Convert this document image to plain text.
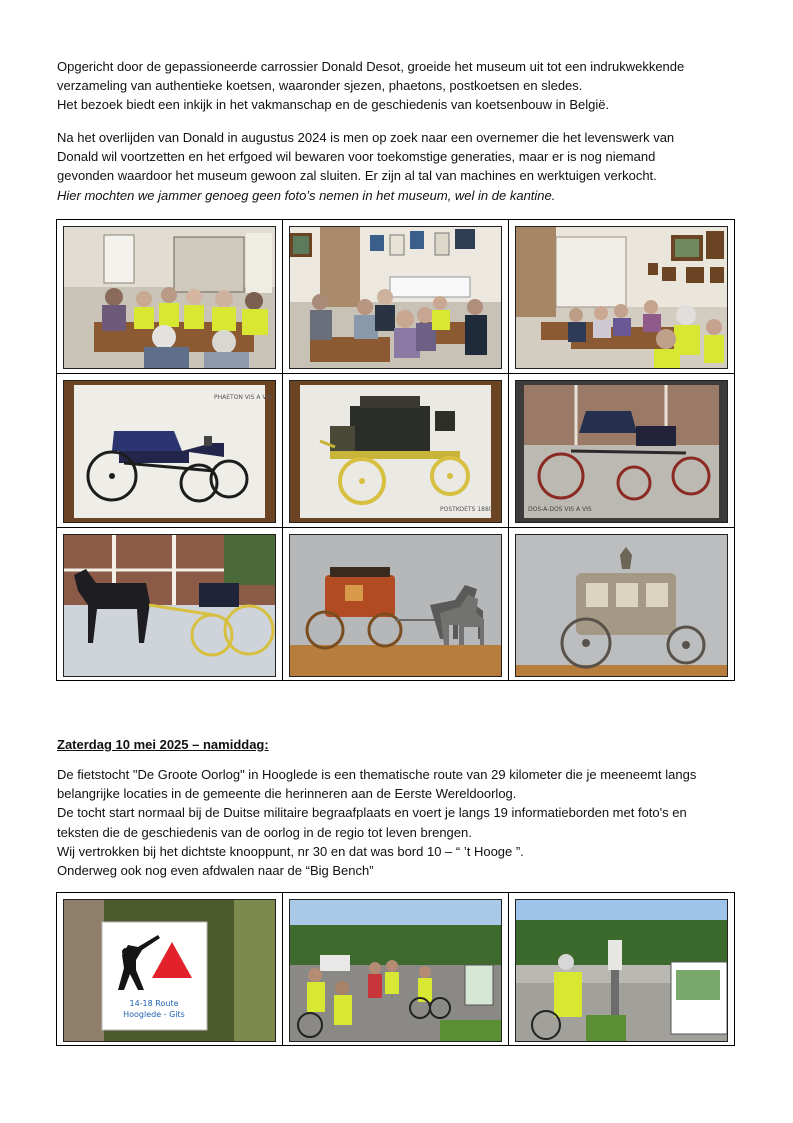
Opgericht door de gepassioneerde carrossier Donald Desot, groeide het museum uit tot een indrukwekkende
verzameling van authentieke koetsen, waaronder sjezen, phaetons, postkoetsen en sledes.
Het bezoek biedt een inkijk in het vakmanschap en de geschiedenis van koetsenbouw in België.
Na het overlijden van Donald in augustus 2024 is men op zoek naar een overnemer die het levenswerk van
Donald wil voortzetten en het erfgoed wil bewaren voor toekomstige generaties, maar er is nog niemand
gevonden waardoor het museum gewoon zal sluiten. Er zijn al tal van machines en werktuigen verkocht.
Hier mochten we jammer genoeg geen foto’s nemen in het museum, wel in de kantine.

PHAETON VIS A VIS	POSTKOETS 1880	DOS-A-DOS VIS A VIS

Zaterdag 10 mei 2025 – namiddag:
De fietstocht "De Groote Oorlog" in Hooglede is een thematische route van 29 kilometer die je meeneemt langs
belangrijke locaties in de gemeente die herinneren aan de Eerste Wereldoorlog.
De tocht start normaal bij de Duitse militaire begraafplaats en voert je langs 19 informatieborden met foto's en
teksten die de geschiedenis van de oorlog in de regio tot leven brengen.
Wij vertrokken bij het dichtste knooppunt, nr 30 en dat was bord 10 – “ ’t Hooge ”.
Onderweg ook nog even afdwalen naar de “Big Bench”
14-18 Route
Hooglede - Gits
